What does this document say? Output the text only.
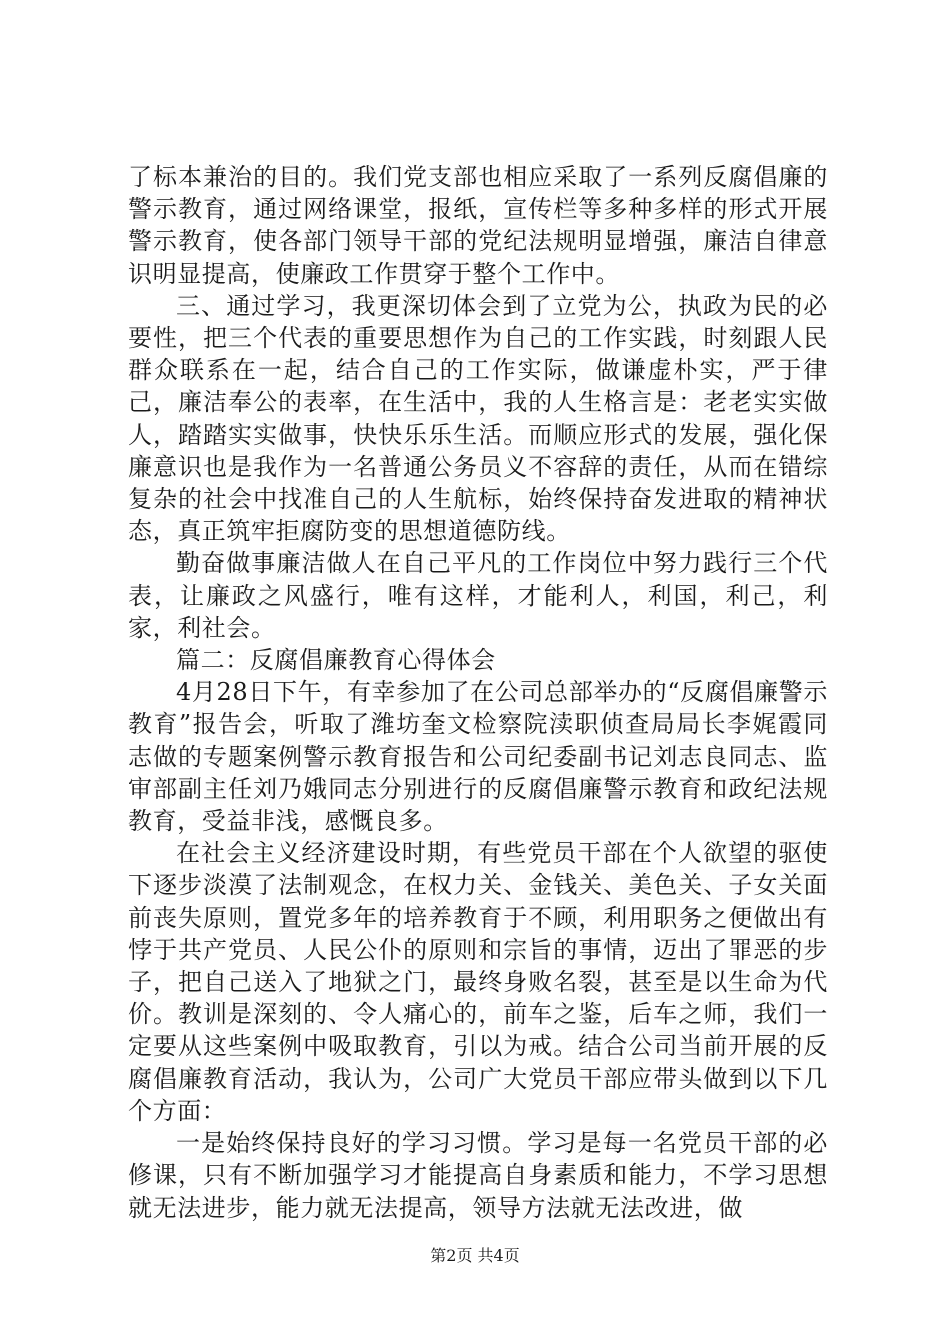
了标本兼治的目的。我们党支部也相应采取了一系列反腐倡廉的警示教育，通过网络课堂，报纸，宣传栏等多种多样的形式开展警示教育，使各部门领导干部的党纪法规明显增强，廉洁自律意识明显提高，使廉政工作贯穿于整个工作中。

三、通过学习，我更深切体会到了立党为公，执政为民的必要性，把三个代表的重要思想作为自己的工作实践，时刻跟人民群众联系在一起，结合自己的工作实际，做谦虚朴实，严于律己，廉洁奉公的表率，在生活中，我的人生格言是：老老实实做人，踏踏实实做事，快快乐乐生活。而顺应形式的发展，强化保廉意识也是我作为一名普通公务员义不容辞的责任，从而在错综复杂的社会中找准自己的人生航标，始终保持奋发进取的精神状态，真正筑牢拒腐防变的思想道德防线。

勤奋做事廉洁做人在自己平凡的工作岗位中努力践行三个代表，让廉政之风盛行，唯有这样，才能利人，利国，利己，利家，利社会。

篇二：反腐倡廉教育心得体会

4月28日下午，有幸参加了在公司总部举办的“反腐倡廉警示教育”报告会，听取了潍坊奎文检察院渎职侦查局局长李娓霞同志做的专题案例警示教育报告和公司纪委副书记刘志良同志、监审部副主任刘乃娥同志分别进行的反腐倡廉警示教育和政纪法规教育，受益非浅，感慨良多。

在社会主义经济建设时期，有些党员干部在个人欲望的驱使下逐步淡漠了法制观念，在权力关、金钱关、美色关、子女关面前丧失原则，置党多年的培养教育于不顾，利用职务之便做出有悖于共产党员、人民公仆的原则和宗旨的事情，迈出了罪恶的步子，把自己送入了地狱之门，最终身败名裂，甚至是以生命为代价。教训是深刻的、令人痛心的，前车之鉴，后车之师，我们一定要从这些案例中吸取教育，引以为戒。结合公司当前开展的反腐倡廉教育活动，我认为，公司广大党员干部应带头做到以下几个方面：

一是始终保持良好的学习习惯。学习是每一名党员干部的必修课，只有不断加强学习才能提高自身素质和能力，不学习思想就无法进步，能力就无法提高，领导方法就无法改进，做

第2页 共4页
